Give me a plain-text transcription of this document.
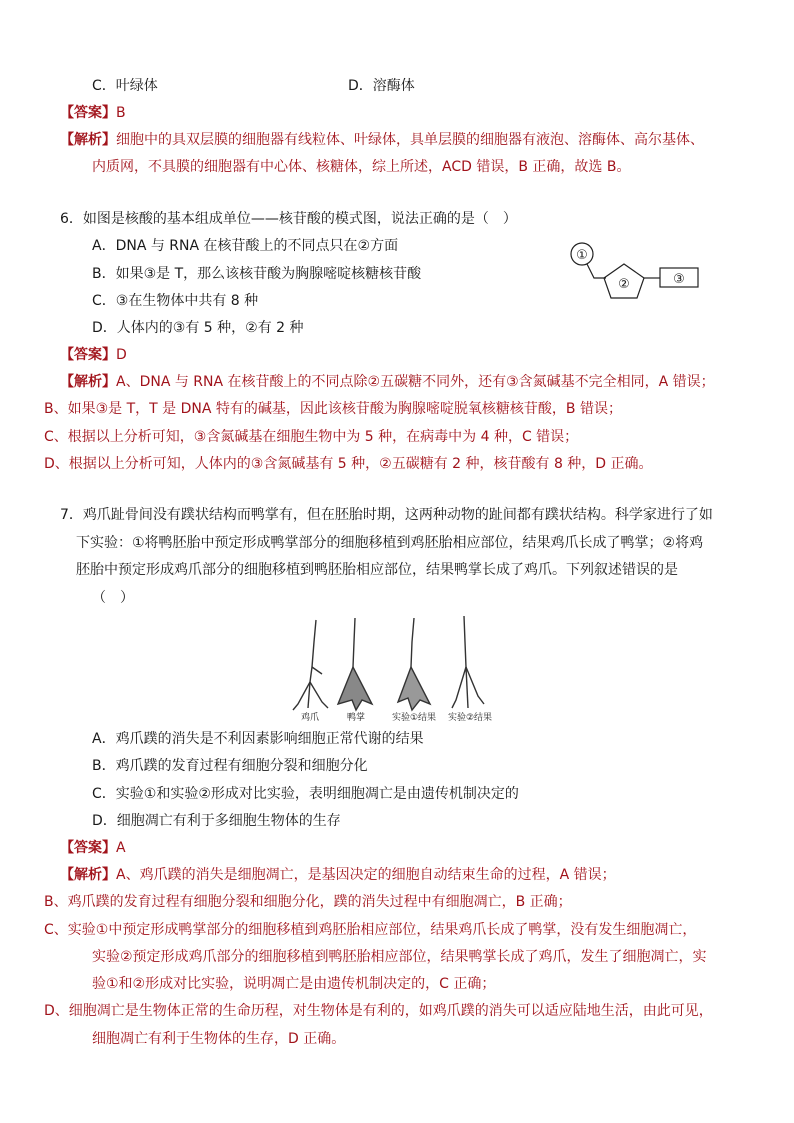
C．叶绿体	D．溶酶体
【答案】B
【解析】细胞中的具双层膜的细胞器有线粒体、叶绿体，具单层膜的细胞器有液泡、溶酶体、高尔基体、
内质网，不具膜的细胞器有中心体、核糖体，综上所述，ACD 错误，B 正确，故选 B。
6．如图是核酸的基本组成单位——核苷酸的模式图，说法正确的是（　）
A．DNA 与 RNA 在核苷酸上的不同点只在②方面
B．如果③是 T，那么该核苷酸为胸腺嘧啶核糖核苷酸
C．③在生物体中共有 8 种
D．人体内的③有 5 种，②有 2 种
①
②	③
【答案】D
【解析】A、DNA 与 RNA 在核苷酸上的不同点除②五碳糖不同外，还有③含氮碱基不完全相同，A 错误；
B、如果③是 T，T 是 DNA 特有的碱基，因此该核苷酸为胸腺嘧啶脱氧核糖核苷酸，B 错误；
C、根据以上分析可知，③含氮碱基在细胞生物中为 5 种，在病毒中为 4 种，C 错误；
D、根据以上分析可知，人体内的③含氮碱基有 5 种，②五碳糖有 2 种，核苷酸有 8 种，D 正确。
7．鸡爪趾骨间没有蹼状结构而鸭掌有，但在胚胎时期，这两种动物的趾间都有蹼状结构。科学家进行了如
下实验：①将鸭胚胎中预定形成鸭掌部分的细胞移植到鸡胚胎相应部位，结果鸡爪长成了鸭掌；②将鸡
胚胎中预定形成鸡爪部分的细胞移植到鸭胚胎相应部位，结果鸭掌长成了鸡爪。下列叙述错误的是
（　）
鸡爪	鸭掌	实验①结果 实验②结果
A．鸡爪蹼的消失是不利因素影响细胞正常代谢的结果
B．鸡爪蹼的发育过程有细胞分裂和细胞分化
C．实验①和实验②形成对比实验，表明细胞凋亡是由遗传机制决定的
D．细胞凋亡有利于多细胞生物体的生存
【答案】A
【解析】A、鸡爪蹼的消失是细胞凋亡，是基因决定的细胞自动结束生命的过程，A 错误；
B、鸡爪蹼的发育过程有细胞分裂和细胞分化，蹼的消失过程中有细胞凋亡，B 正确；
C、实验①中预定形成鸭掌部分的细胞移植到鸡胚胎相应部位，结果鸡爪长成了鸭掌，没有发生细胞凋亡，
实验②预定形成鸡爪部分的细胞移植到鸭胚胎相应部位，结果鸭掌长成了鸡爪，发生了细胞凋亡，实
验①和②形成对比实验，说明凋亡是由遗传机制决定的，C 正确；
D、细胞凋亡是生物体正常的生命历程，对生物体是有利的，如鸡爪蹼的消失可以适应陆地生活，由此可见，
细胞凋亡有利于生物体的生存，D 正确。
